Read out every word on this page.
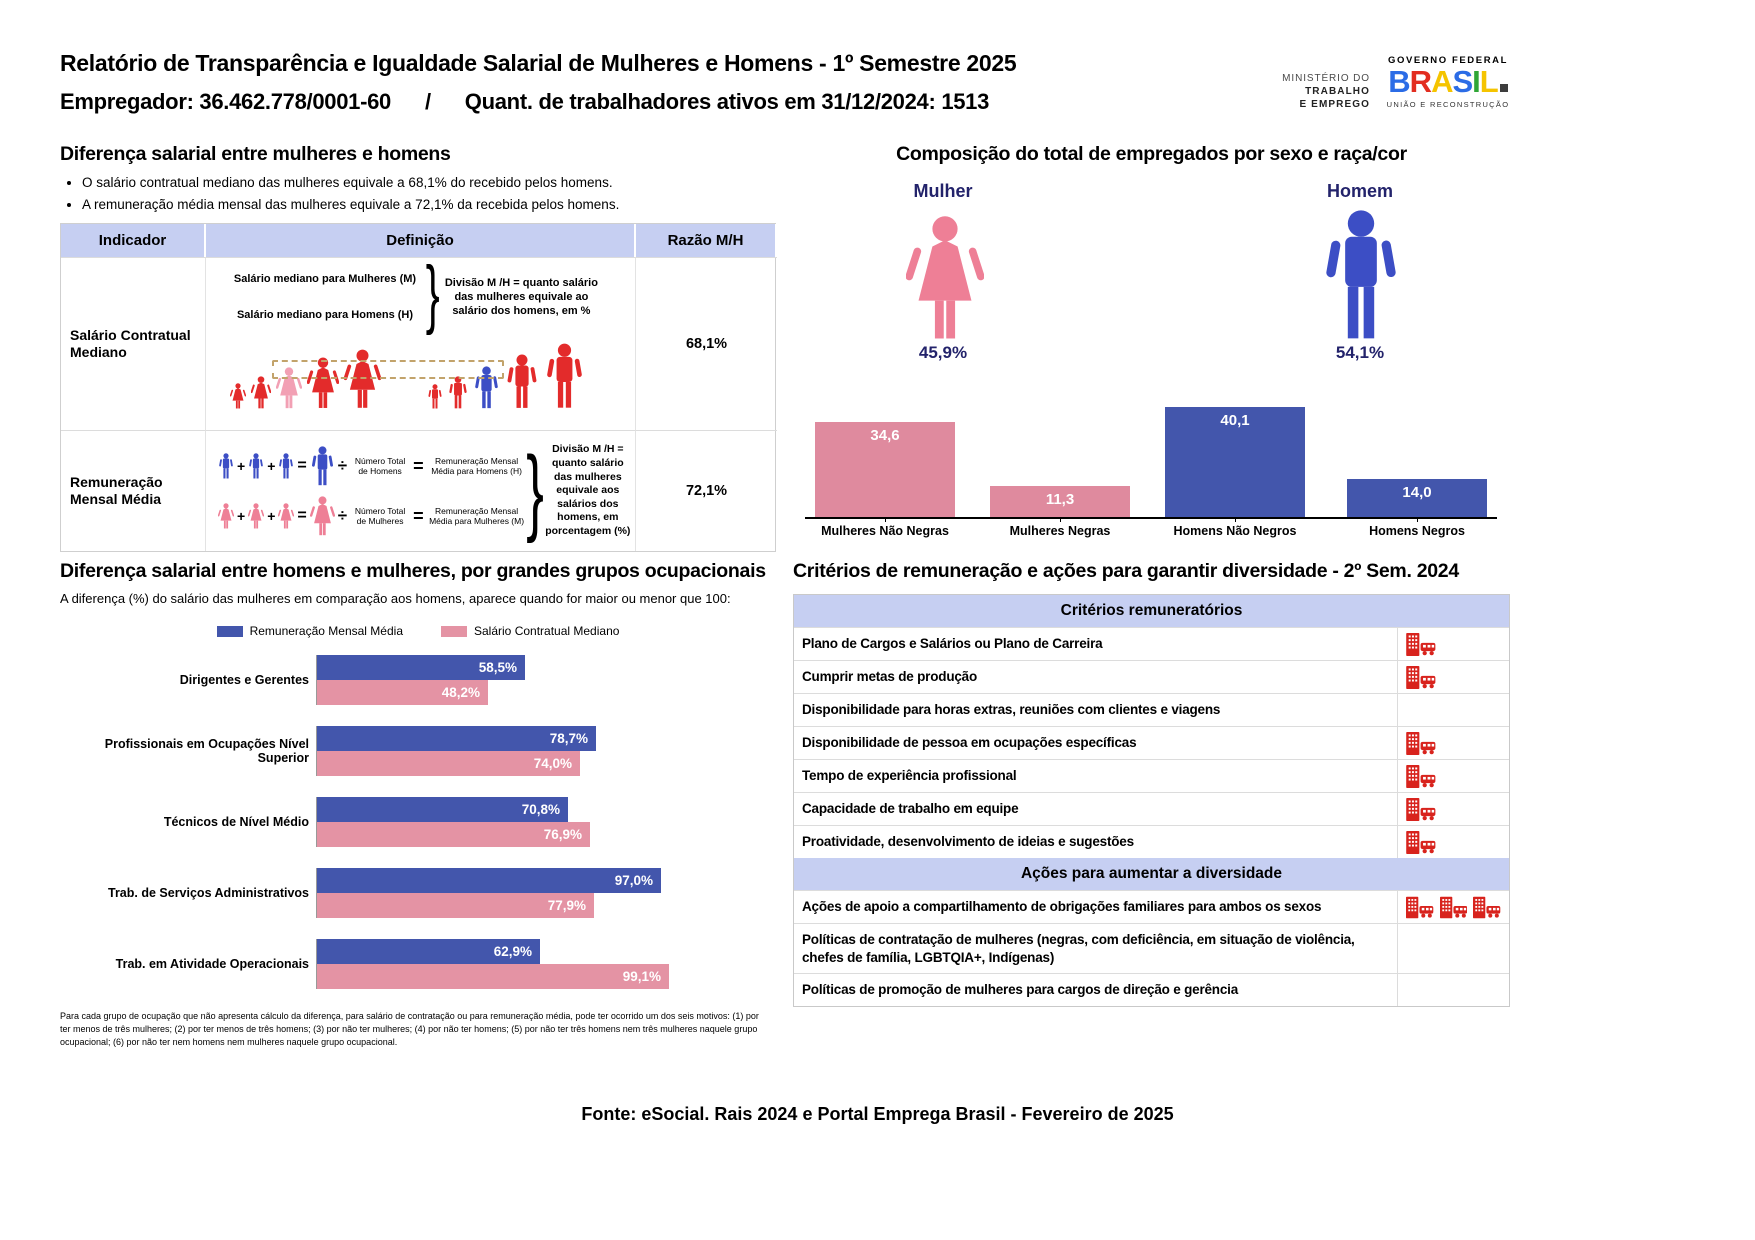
Relatório de Transparência e Igualdade Salarial de Mulheres e Homens - 1º Semestre 2025
Empregador: 36.462.778/0001-60 / Quant. de trabalhadores ativos em 31/12/2024: 1513
MINISTÉRIO DO
TRABALHO
E EMPREGO
GOVERNO FEDERAL
BRASIL
UNIÃO E RECONSTRUÇÃO
Diferença salarial entre mulheres e homens
• O salário contratual mediano das mulheres equivale a 68,1% do recebido pelos homens.
• A remuneração média mensal das mulheres equivale a 72,1% da recebida pelos homens.
Indicador	Definição	Razão M/H
Salário Contratual Mediano
Salário mediano para Mulheres (M)
Salário mediano para Homens (H)
}
Divisão M /H = quanto salário das mulheres equivale ao salário dos homens, em %
68,1%
Remuneração Mensal Média
+
+
=
÷
Número Total de Homens
=
Remuneração Mensal Média para Homens (H)
+
+
=
÷
Número Total de Mulheres
=
Remuneração Mensal Média para Mulheres (M)
}
Divisão M /H = quanto salário das mulheres equivale aos salários dos homens, em porcentagem (%)
72,1%
Composição do total de empregados por sexo e raça/cor
Mulher	Homem
45,9%	54,1%
34,6
11,3
40,1
14,0
Mulheres Não Negras	Mulheres Negras	Homens Não Negros	Homens Negros
Diferença salarial entre homens e mulheres, por grandes grupos ocupacionais
A diferença (%) do salário das mulheres em comparação aos homens, aparece quando for maior ou menor que 100:
Remuneração Mensal Média	Salário Contratual Mediano
Dirigentes e Gerentes
58,5%
48,2%
Profissionais em Ocupações Nível Superior
78,7%
74,0%
Técnicos de Nível Médio
70,8%
76,9%
Trab. de Serviços Administrativos
97,0%
77,9%
Trab. em Atividade Operacionais
62,9%
99,1%
Para cada grupo de ocupação que não apresenta cálculo da diferença, para salário de contratação ou para remuneração média, pode ter ocorrido um dos seis motivos: (1) por ter menos de três mulheres; (2) por ter menos de três homens; (3) por não ter mulheres; (4) por não ter homens; (5) por não ter três homens nem três mulheres naquele grupo ocupacional; (6) por não ter nem homens nem mulheres naquele grupo ocupacional.
Critérios de remuneração e ações para garantir diversidade - 2º Sem. 2024
Critérios remuneratórios
Plano de Cargos e Salários ou Plano de Carreira
Cumprir metas de produção
Disponibilidade para horas extras, reuniões com clientes e viagens
Disponibilidade de pessoa em ocupações específicas
Tempo de experiência profissional
Capacidade de trabalho em equipe
Proatividade, desenvolvimento de ideias e sugestões
Ações para aumentar a diversidade
Ações de apoio a compartilhamento de obrigações familiares para ambos os sexos
Políticas de contratação de mulheres (negras, com deficiência, em situação de violência, chefes de família, LGBTQIA+, Indígenas)
Políticas de promoção de mulheres para cargos de direção e gerência
Fonte: eSocial. Rais 2024 e Portal Emprega Brasil - Fevereiro de 2025
